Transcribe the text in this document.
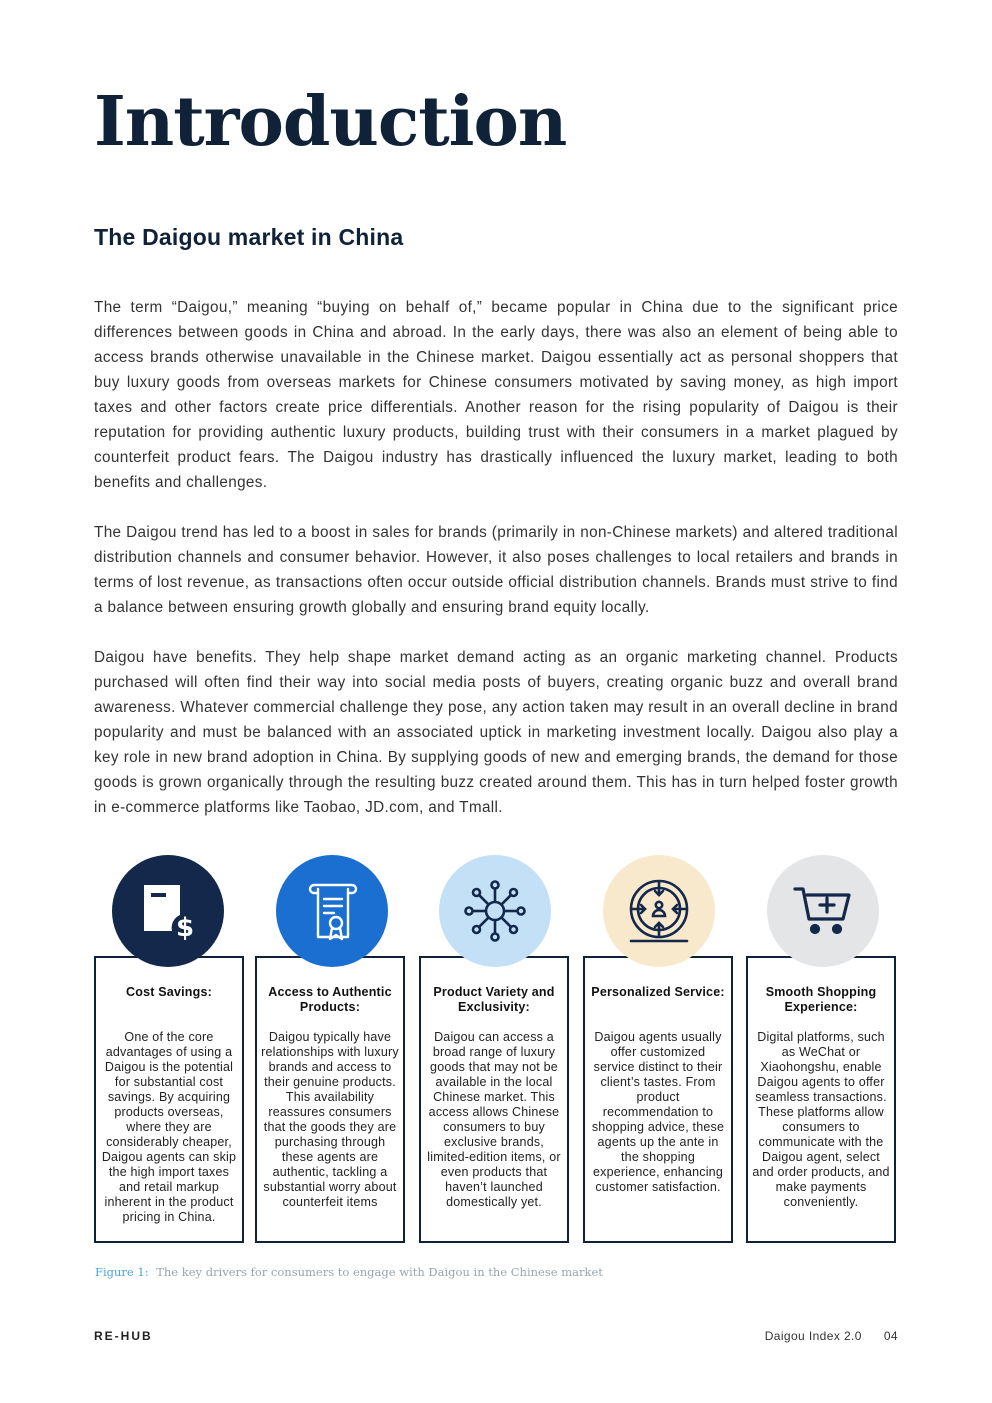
Introduction
The Daigou market in China

The term “Daigou,” meaning “buying on behalf of,” became popular in China due to the significant price differences between goods in China and abroad. In the early days, there was also an element of being able to access brands otherwise unavailable in the Chinese market. Daigou essentially act as personal shoppers that buy luxury goods from overseas markets for Chinese consumers motivated by saving money, as high import taxes and other factors create price differentials. Another reason for the rising popularity of Daigou is their reputation for providing authentic luxury products, building trust with their consumers in a market plagued by counterfeit product fears. The Daigou industry has drastically influenced the luxury market, leading to both benefits and challenges.

The Daigou trend has led to a boost in sales for brands (primarily in non-Chinese markets) and altered traditional distribution channels and consumer behavior. However, it also poses challenges to local retailers and brands in terms of lost revenue, as transactions often occur outside official distribution channels. Brands must strive to find a balance between ensuring growth globally and ensuring brand equity locally.

Daigou have benefits. They help shape market demand acting as an organic marketing channel. Products purchased will often find their way into social media posts of buyers, creating organic buzz and overall brand awareness. Whatever commercial challenge they pose, any action taken may result in an overall decline in brand popularity and must be balanced with an associated uptick in marketing investment locally. Daigou also play a key role in new brand adoption in China. By supplying goods of new and emerging brands, the demand for those goods is grown organically through the resulting buzz created around them. This has in turn helped foster growth in e-commerce platforms like Taobao, JD.com, and Tmall.

Cost Savings:
One of the core advantages of using a Daigou is the potential for substantial cost savings. By acquiring products overseas, where they are considerably cheaper, Daigou agents can skip the high import taxes and retail markup inherent in the product pricing in China.
Access to Authentic Products:
Daigou typically have relationships with luxury brands and access to their genuine products. This availability reassures consumers that the goods they are purchasing through these agents are authentic, tackling a substantial worry about counterfeit items
Product Variety and Exclusivity:
Daigou can access a broad range of luxury goods that may not be available in the local Chinese market. This access allows Chinese consumers to buy exclusive brands, limited-edition items, or even products that haven’t launched domestically yet.
Personalized Service:
Daigou agents usually offer customized service distinct to their client’s tastes. From product recommendation to shopping advice, these agents up the ante in the shopping experience, enhancing customer satisfaction.
Smooth Shopping Experience:
Digital platforms, such as WeChat or Xiaohongshu, enable Daigou agents to offer seamless transactions. These platforms allow consumers to communicate with the Daigou agent, select and order products, and make payments conveniently.
$

Figure 1: The key drivers for consumers to engage with Daigou in the Chinese market

RE-HUB	Daigou Index 2.0 04
